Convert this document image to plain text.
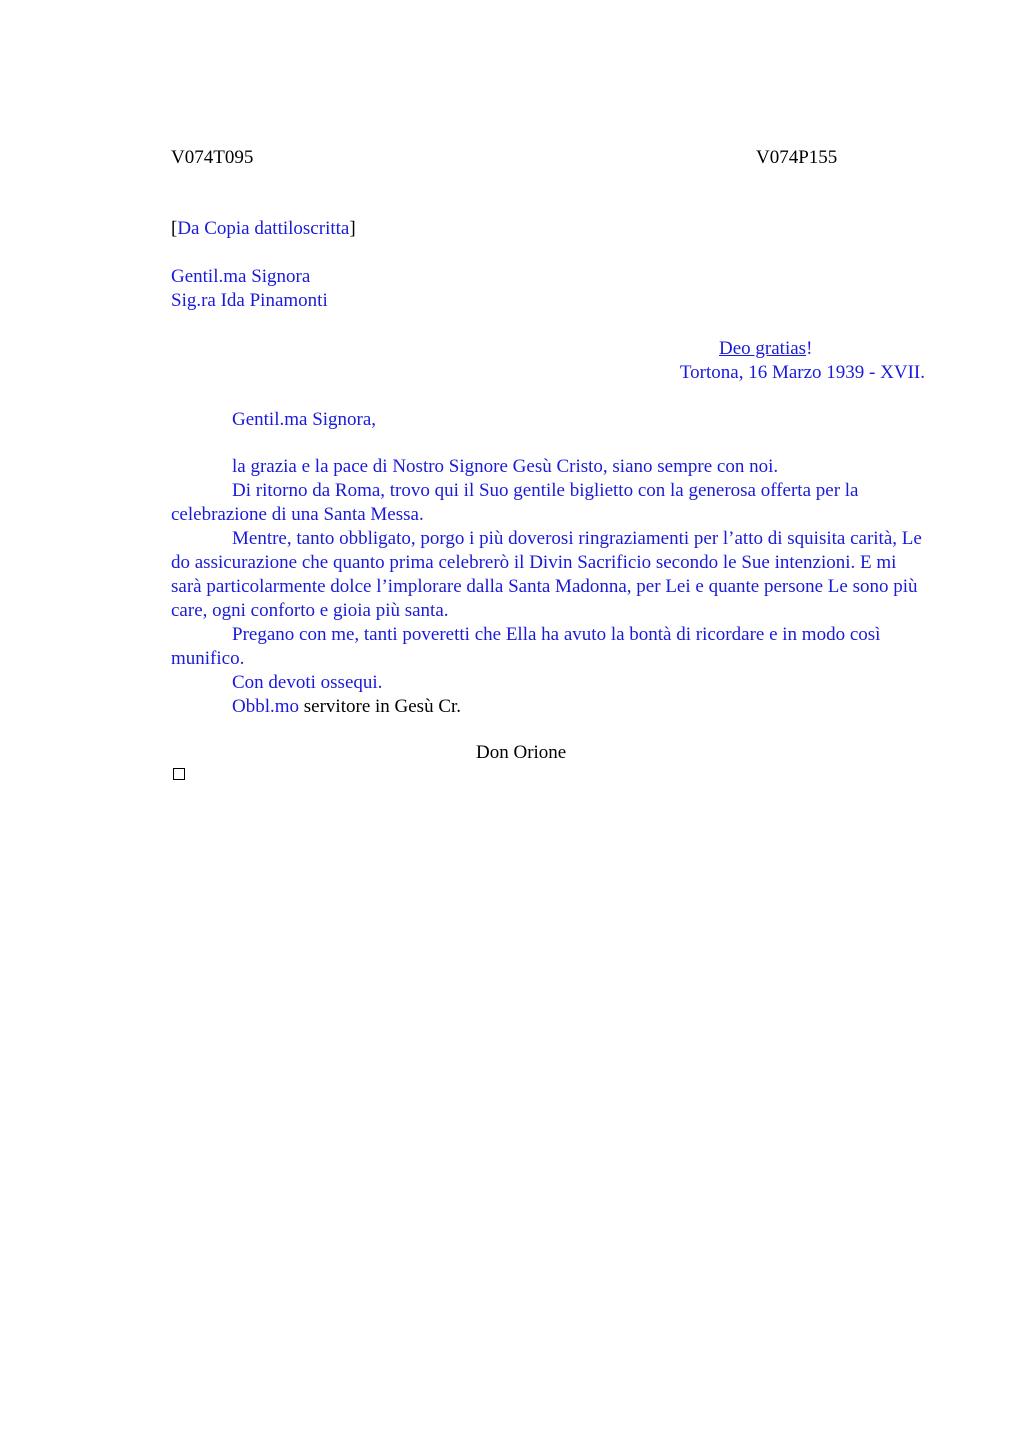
V074T095	V074P155
[Da Copia dattiloscritta]
Gentil.ma Signora
Sig.ra Ida Pinamonti
Deo gratias!
Tortona, 16 Marzo 1939 - XVII.
Gentil.ma Signora,

la grazia e la pace di Nostro Signore Gesù Cristo, siano sempre con noi.

Di ritorno da Roma, trovo qui il Suo gentile biglietto con la generosa offerta per la celebrazione di una Santa Messa.

Mentre, tanto obbligato, porgo i più doverosi ringraziamenti per l’atto di squisita carità, Le do assicurazione che quanto prima celebrerò il Divin Sacrificio secondo le Sue intenzioni. E mi sarà particolarmente dolce l’implorare dalla Santa Madonna, per Lei e quante persone Le sono più care, ogni conforto e gioia più santa.

Pregano con me, tanti poveretti che Ella ha avuto la bontà di ricordare e in modo così munifico.

Con devoti ossequi.

Obbl.mo servitore in Gesù Cr.

Don Orione
